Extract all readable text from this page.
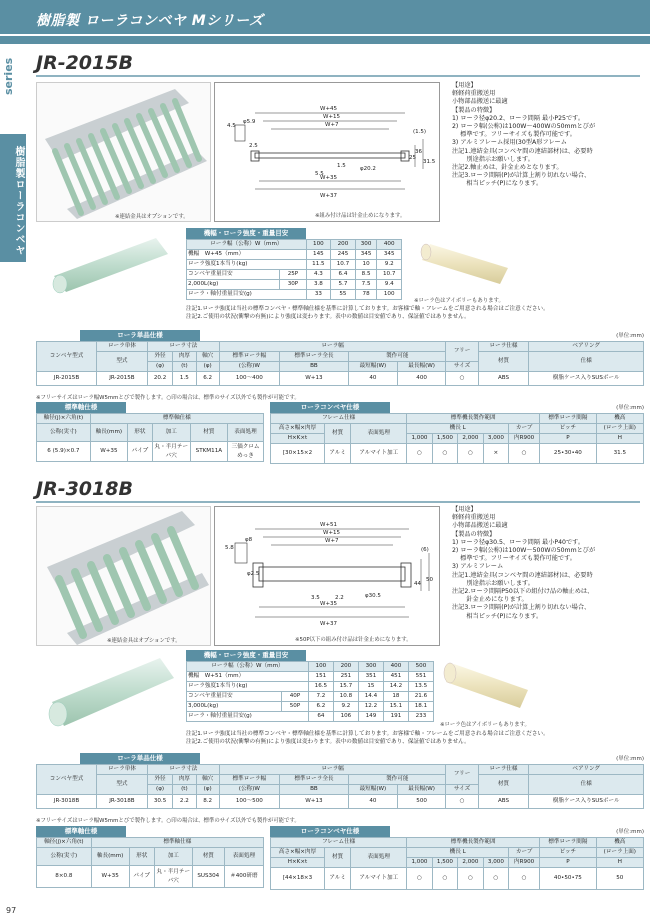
樹脂製 ローラコンベヤ Mシリーズ
series
樹脂製ローラコンベヤ
JR-2015B
※連結金具はオプションです。
W+45
W+15
W+7
W+35
W+37
φ20.2
φ5.9
2.5
4.5
5.5
1.5
25
31.5
36
(1.5)
※組み付け品は针金止めになります。
【用途】
軽軽荷重搬送用
小物部品搬送に最適
【製品の特徴】
1) ローラ径φ20.2、ローラ間隔 最小P25です。
2) ローラ幅(公称)は100W～400Wの50mmとびが
　 標準です。フリーサイズも製作可能です。
3) アルミフレーム採用(30型A形フレーム
注記1.連結金具(コンベヤ間の連結部材)は、必要時
　　 別途指示お願いします。
注記2.軸止めは、針金止めとなります。
注記3.ローラ間隔(P)が計算上割り切れない場合、
　　 相当ピッチ(P)になります。
機幅・ローラ強度・重量目安
ローラ幅（公称）W（mm）		100	200	300	400
機幅　W+45（mm）		145	245	345	345
ローラ強度1本当り(kg)		11.5	10.7	10	9.2
コンベヤ重量目安	25P	4.3	6.4	8.5	10.7
2,000L(kg)	30P	3.8	5.7	7.5	9.4
ローラ・軸付重量目安(g)		33	55	78	100
※ローラ色はアイボリーもあります。
注記1.ローラ強度は当社の標準コンベヤ・標準軸仕様を基準に計算しております。お客様で軸・フレームをご用意される場合はご注意ください。
注記2.ご使用の状況(衝撃の有無)により強度は変わります。表中の数値は目安値であり、保証値ではありません。
ローラ単品仕様	(単位:mm)
コンベヤ型式	ローラ単体	ローラ寸法			ローラ幅				フリー	ローラ仕様	ベアリング
	型式	外径	肉厚	軸穴	標準ローラ幅	標準ローラ全長	製作可能			材質	仕様
		(φ)	(t)	(φ)	(公称)W	BB	最短幅(W)	最長幅(W)	サイズ		
JR-2015B	JR-2015B	20.2	1.5	6.2	100～400	W+13	40	400	○	ABS	樹脂ケース入りSUSボール
※フリーサイズはローラ幅W5mmとびで製作します。○印の場合は、標準のサイズ以外でも製作が可能です。
標準軸仕様
軸径(j)×六角(t)	標準軸仕様				
公称(実寸)	軸長(mm)	形状	加工	材質	表面処理
6 (5.9)×0.7	W+35	パイプ	丸・半月テーパ穴	STKM11A	三価クロムめっき
ローラコンベヤ仕様	(単位:mm)
フレーム仕様			標準機長製作範囲					標準ローラ間隔	機高
高さ×幅×肉厚	材質	表面処理	機長 L				カーブ	ピッチ	(ローラ上面)
H×K×t			1,000	1,500	2,000	3,000	内R900	P	H
[30×15×2	アルミ	アルマイト加工	○	○	○	×	○	25•30•40	31.5
JR-3018B
※連結金具はオプションです。
W+51
W+15
W+7
W+35
W+37
φ30.5
φ8
φ2.5
5.8
2.2
3.5
44
50
(6)
※50P以下の組み付け品は针金止めになります。
【用途】
軽軽荷重搬送用
小物部品搬送に最適
【製品の特徴】
1) ローラ径φ30.5、ローラ間隔 最小P40です。
2) ローラ幅(公称)は100W～500Wの50mmとびが
　 標準です。フリーサイズも製作可能です。
3) アルミフレーム
注記1.連結金具(コンベヤ間の連結部材)は、必要時
　　 別途指示お願いします。
注記2.ローラ間隔P50以下の組付け品の軸止めは、
　　 針金止めになります。
注記3.ローラ間隔(P)が計算上割り切れない場合、
　　 相当ピッチ(P)になります。
機幅・ローラ強度・重量目安
ローラ幅（公称）W（mm）		100	200	300	400	500
機幅　W+51（mm）		151	251	351	451	551
ローラ強度1本当り(kg)		16.5	15.7	15	14.2	13.5
コンベヤ重量目安	40P	7.2	10.8	14.4	18	21.6
3,000L(kg)	50P	6.2	9.2	12.2	15.1	18.1
ローラ・軸付重量目安(g)		64	106	149	191	233
※ローラ色はアイボリーもあります。
注記1.ローラ強度は当社の標準コンベヤ・標準軸仕様を基準に計算しております。お客様で軸・フレームをご用意される場合はご注意ください。
注記2.ご使用の状況(衝撃の有無)により強度は変わります。表中の数値は目安値であり、保証値ではありません。
ローラ単品仕様	(単位:mm)
コンベヤ型式	ローラ単体	ローラ寸法			ローラ幅				フリー	ローラ仕様	ベアリング
	型式	外径	肉厚	軸穴	標準ローラ幅	標準ローラ全長	製作可能			材質	仕様
		(φ)	(t)	(φ)	(公称)W	BB	最短幅(W)	最長幅(W)	サイズ		
JR-3018B	JR-3018B	30.5	2.2	8.2	100～500	W+13	40	500	○	ABS	樹脂ケース入りSUSボール
※フリーサイズはローラ幅W5mmとびで製作します。○印の場合は、標準のサイズ以外でも製作が可能です。
標準軸仕様
軸径(j)×六角(t)	標準軸仕様				
公称(実寸)	軸長(mm)	形状	加工	材質	表面処理
8×0.8	W+35	パイプ	丸・半月テーパ穴	SUS304	＃400研磨
ローラコンベヤ仕様	(単位:mm)
フレーム仕様			標準機長製作範囲					標準ローラ間隔	機高
高さ×幅×肉厚	材質	表面処理	機長 L				カーブ	ピッチ	(ローラ上面)
H×K×t			1,000	1,500	2,000	3,000	内R900	P	H
[44×18×3	アルミ	アルマイト加工	○	○	○	○	○	40•50•75	50
97
